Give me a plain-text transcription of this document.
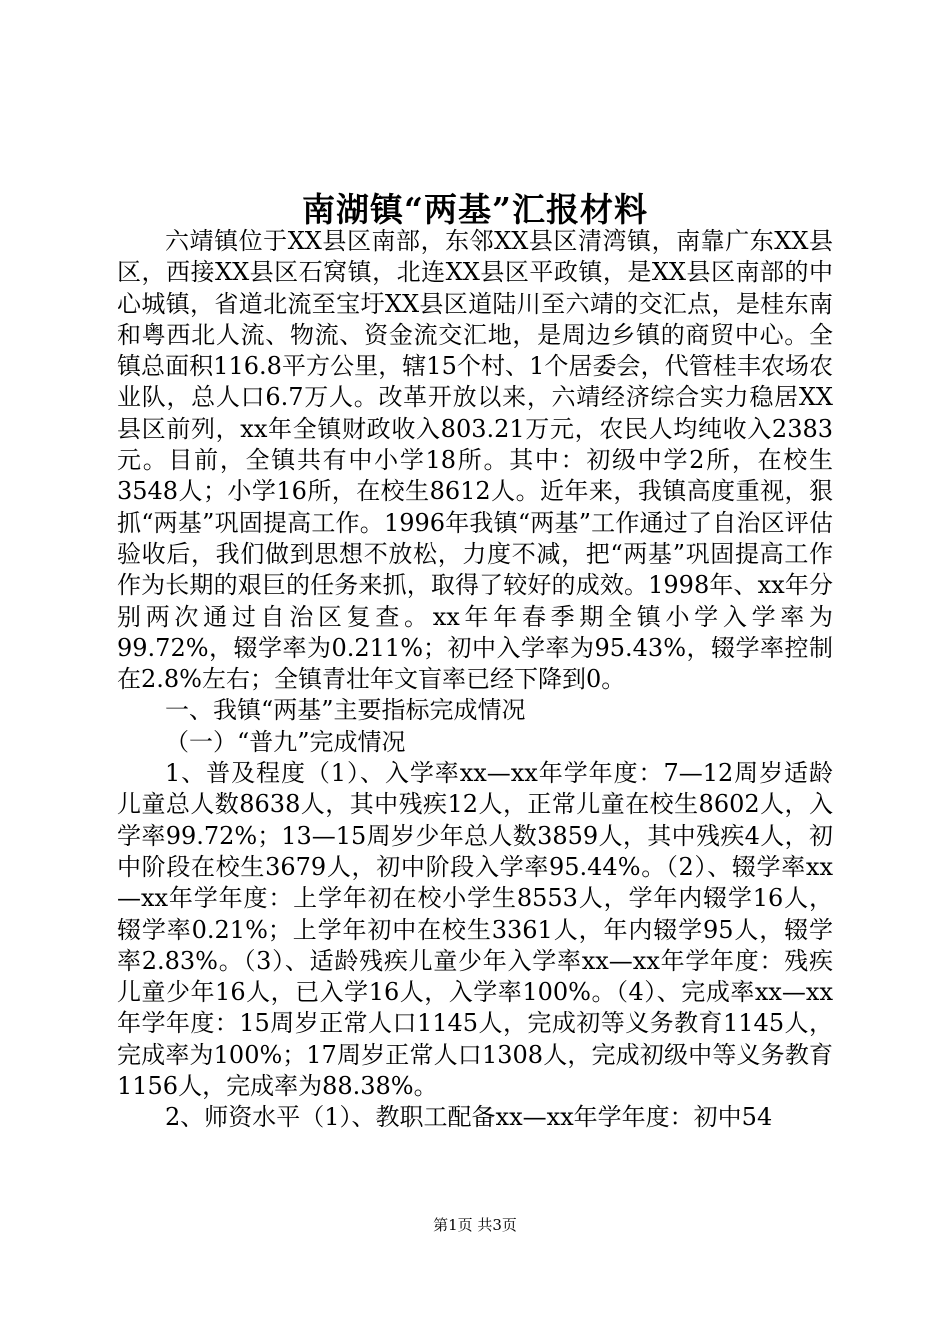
南湖镇“两基”汇报材料

六靖镇位于XX县区南部，东邻XX县区清湾镇，南靠广东XX县区，西接XX县区石窝镇，北连XX县区平政镇，是XX县区南部的中心城镇，省道北流至宝圩XX县区道陆川至六靖的交汇点，是桂东南和粤西北人流、物流、资金流交汇地，是周边乡镇的商贸中心。全镇总面积116.8平方公里，辖15个村、1个居委会，代管桂丰农场农业队，总人口6.7万人。改革开放以来，六靖经济综合实力稳居XX县区前列，xx年全镇财政收入803.21万元，农民人均纯收入2383元。目前，全镇共有中小学18所。其中：初级中学2所，在校生3548人；小学16所，在校生8612人。近年来，我镇高度重视，狠抓“两基”巩固提高工作。1996年我镇“两基”工作通过了自治区评估验收后，我们做到思想不放松，力度不减，把“两基”巩固提高工作作为长期的艰巨的任务来抓，取得了较好的成效。1998年、xx年分别两次通过自治区复查。xx年年春季期全镇小学入学率为99.72%，辍学率为0.211%；初中入学率为95.43%，辍学率控制在2.8%左右；全镇青壮年文盲率已经下降到0。

一、我镇“两基”主要指标完成情况

（一）“普九”完成情况

1、普及程度（1）、入学率xx—xx年学年度：7—12周岁适龄儿童总人数8638人，其中残疾12人，正常儿童在校生8602人，入学率99.72%；13—15周岁少年总人数3859人，其中残疾4人，初中阶段在校生3679人，初中阶段入学率95.44%。（2）、辍学率xx—xx年学年度：上学年初在校小学生8553人，学年内辍学16人，辍学率0.21%；上学年初中在校生3361人，年内辍学95人，辍学率2.83%。（3）、适龄残疾儿童少年入学率xx—xx年学年度：残疾儿童少年16人，已入学16人，入学率100%。（4）、完成率xx—xx年学年度：15周岁正常人口1145人，完成初等义务教育1145人，完成率为100%；17周岁正常人口1308人，完成初级中等义务教育1156人，完成率为88.38%。

2、师资水平（1）、教职工配备xx—xx年学年度：初中54

第1页 共3页
